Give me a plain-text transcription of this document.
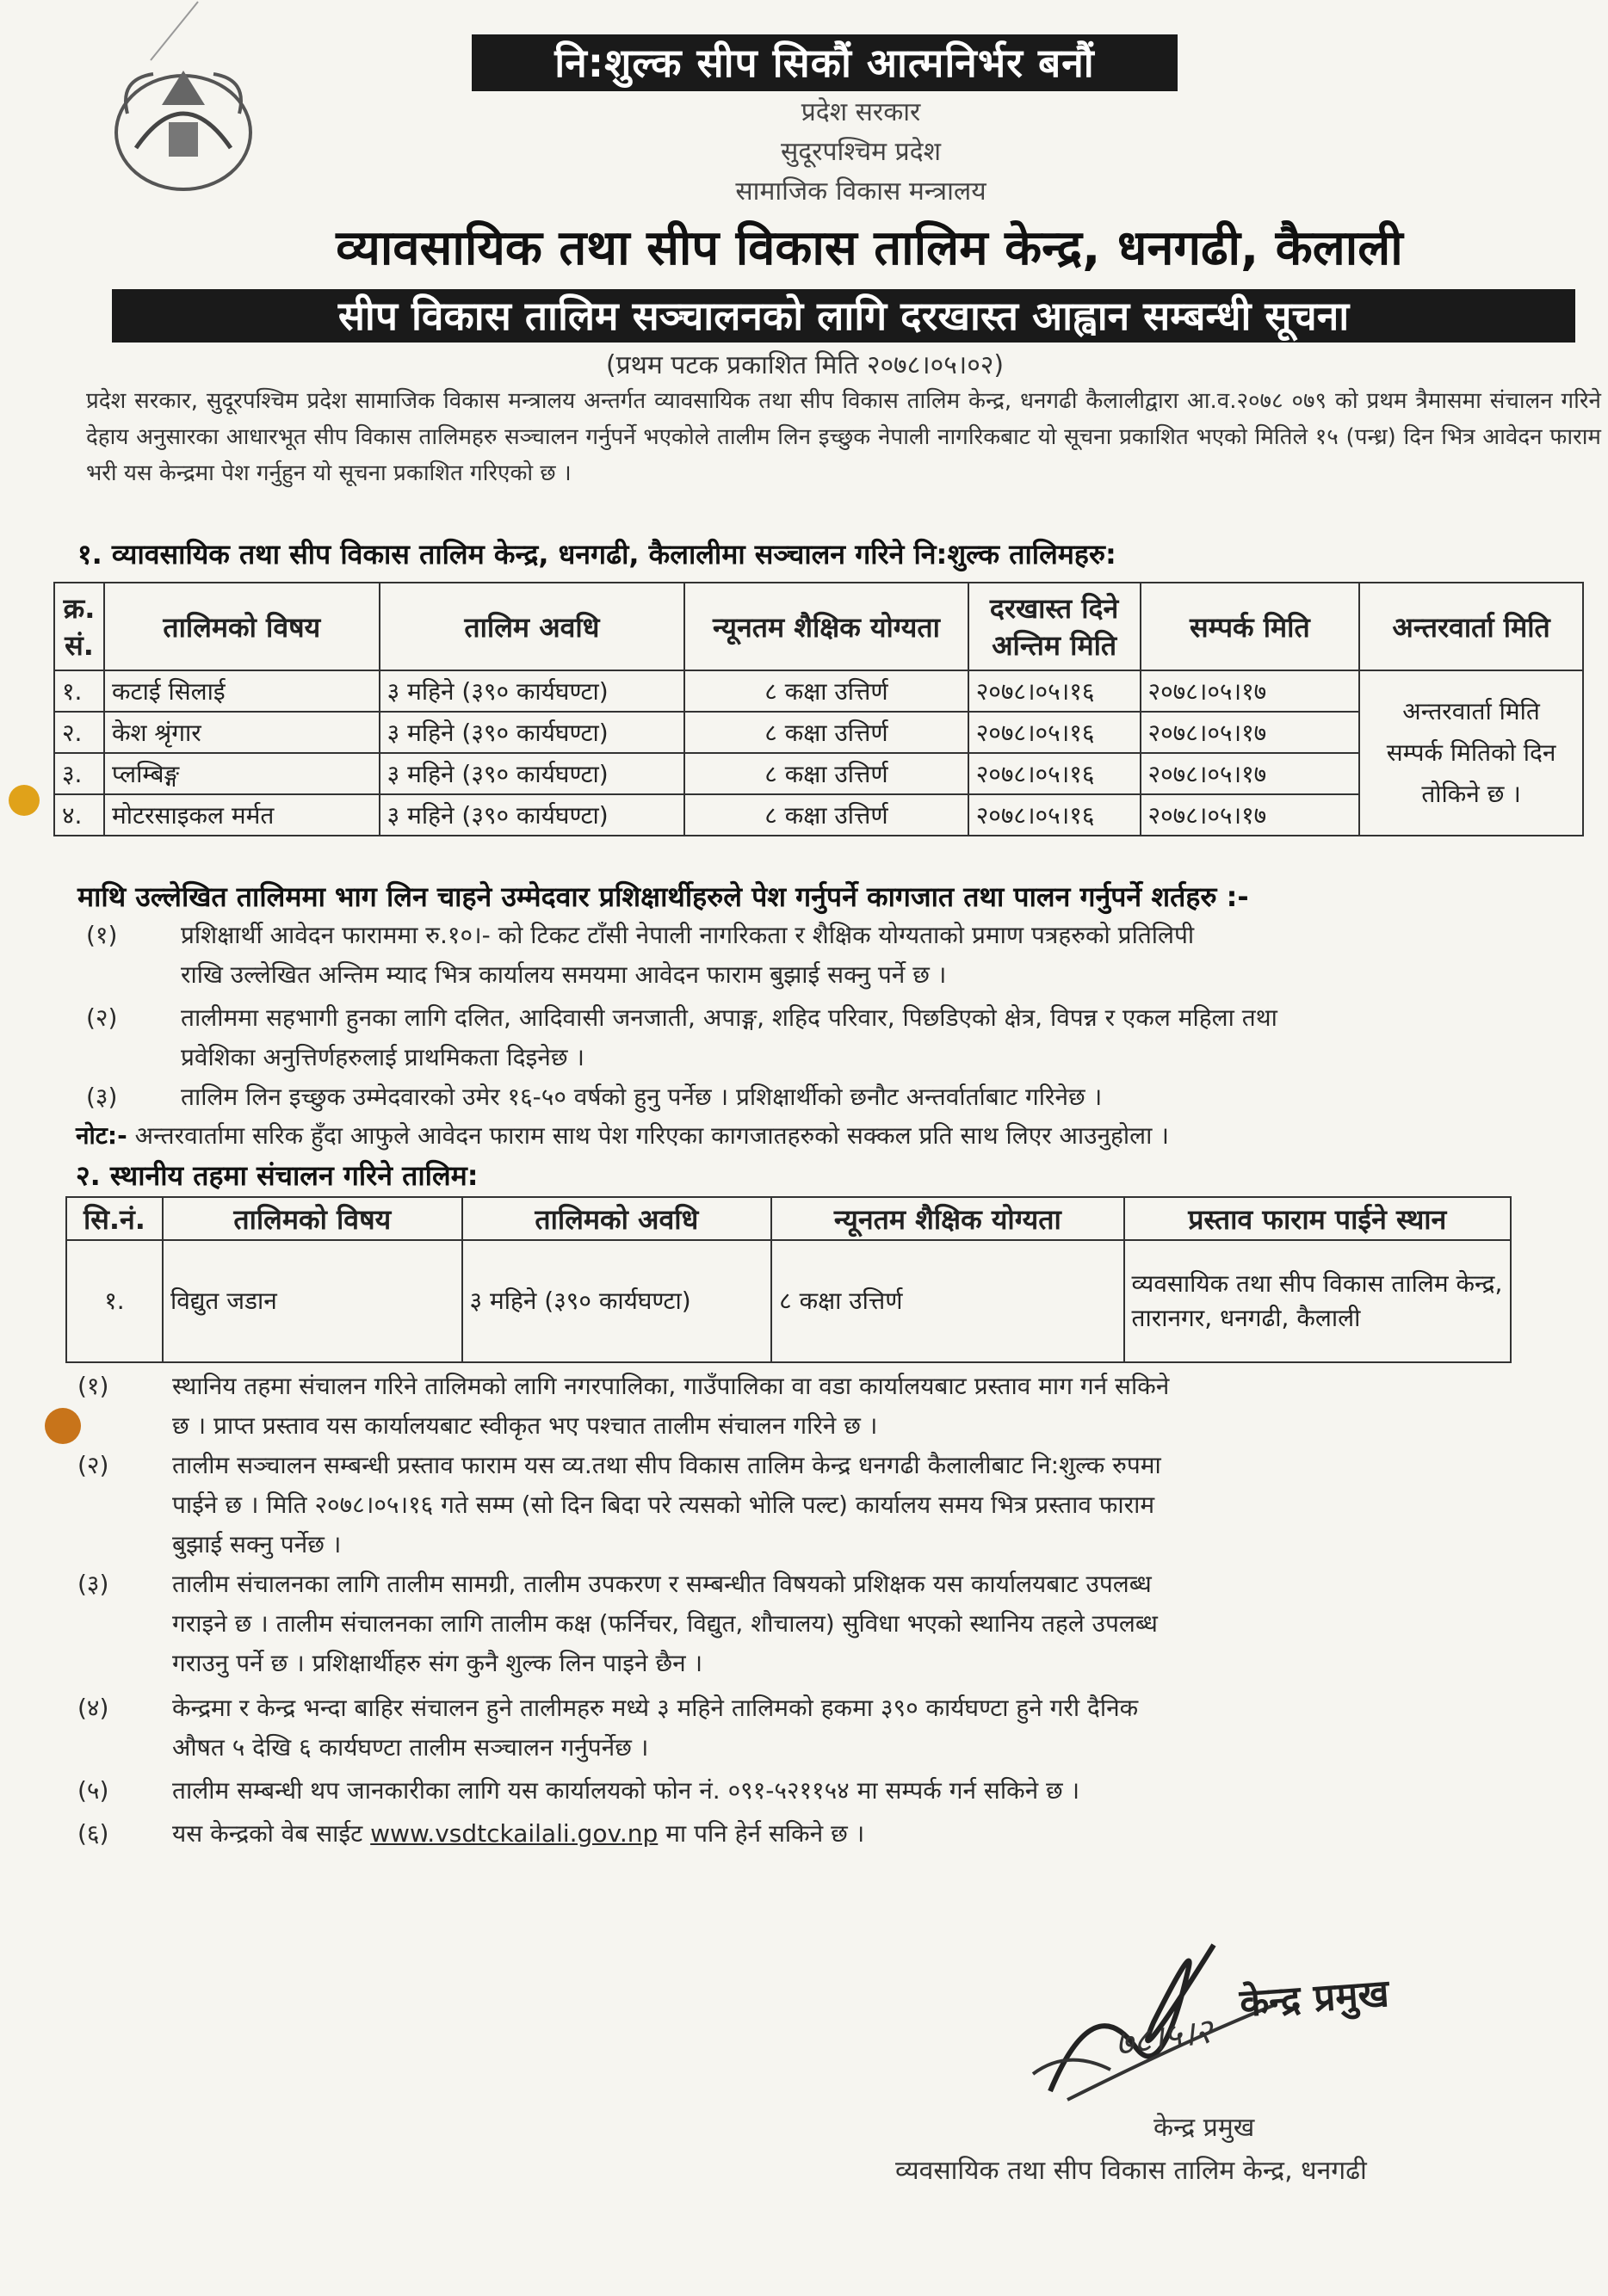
नि:शुल्क सीप सिकौं आत्मनिर्भर बनौं
प्रदेश सरकार
सुदूरपश्चिम प्रदेश
सामाजिक विकास मन्त्रालय
व्यावसायिक तथा सीप विकास तालिम केन्द्र, धनगढी, कैलाली
सीप विकास तालिम सञ्चालनको लागि दरखास्त आह्वान सम्बन्धी सूचना
(प्रथम पटक प्रकाशित मिति २०७८।०५।०२)
प्रदेश सरकार, सुदूरपश्चिम प्रदेश सामाजिक विकास मन्त्रालय अन्तर्गत व्यावसायिक तथा सीप विकास तालिम केन्द्र, धनगढी कैलालीद्वारा आ.व.२०७८ ०७९ को प्रथम त्रैमासमा संचालन गरिने देहाय अनुसारका आधारभूत सीप विकास तालिमहरु सञ्चालन गर्नुपर्ने भएकोले तालीम लिन इच्छुक नेपाली नागरिकबाट यो सूचना प्रकाशित भएको मितिले १५ (पन्ध्र) दिन भित्र आवेदन फाराम भरी यस केन्द्रमा पेश गर्नुहुन यो सूचना प्रकाशित गरिएको छ ।
१. व्यावसायिक तथा सीप विकास तालिम केन्द्र, धनगढी, कैलालीमा सञ्चालन गरिने नि:शुल्क तालिमहरु:
क्र. सं.	तालिमको विषय	तालिम अवधि	न्यूनतम शैक्षिक योग्यता	दरखास्त दिने अन्तिम मिति	सम्पर्क मिति	अन्तरवार्ता मिति
१.	कटाई सिलाई	३ महिने (३९० कार्यघण्टा)	८ कक्षा उत्तिर्ण	२०७८।०५।१६	२०७८।०५।१७	अन्तरवार्ता मिति सम्पर्क मितिको दिन तोकिने छ ।
२.	केश श्रृंगार	३ महिने (३९० कार्यघण्टा)	८ कक्षा उत्तिर्ण	२०७८।०५।१६	२०७८।०५।१७	
३.	प्लम्बिङ्ग	३ महिने (३९० कार्यघण्टा)	८ कक्षा उत्तिर्ण	२०७८।०५।१६	२०७८।०५।१७	
४.	मोटरसाइकल मर्मत	३ महिने (३९० कार्यघण्टा)	८ कक्षा उत्तिर्ण	२०७८।०५।१६	२०७८।०५।१७	
माथि उल्लेखित तालिममा भाग लिन चाहने उम्मेदवार प्रशिक्षार्थीहरुले पेश गर्नुपर्ने कागजात तथा पालन गर्नुपर्ने शर्तहरु :-
(१)	प्रशिक्षार्थी आवेदन फाराममा रु.१०।- को टिकट टाँसी नेपाली नागरिकता र शैक्षिक योग्यताको प्रमाण पत्रहरुको प्रतिलिपी
राखि उल्लेखित अन्तिम म्याद भित्र कार्यालय समयमा आवेदन फाराम बुझाई सक्नु पर्ने छ ।
(२)	तालीममा सहभागी हुनका लागि दलित, आदिवासी जनजाती, अपाङ्ग, शहिद परिवार, पिछडिएको क्षेत्र, विपन्न र एकल महिला तथा
प्रवेशिका अनुत्तिर्णहरुलाई प्राथमिकता दिइनेछ ।
(३)	तालिम लिन इच्छुक उम्मेदवारको उमेर १६-५० वर्षको हुनु पर्नेछ । प्रशिक्षार्थीको छनौट अन्तर्वार्ताबाट गरिनेछ ।
नोट:- अन्तरवार्तामा सरिक हुँदा आफुले आवेदन फाराम साथ पेश गरिएका कागजातहरुको सक्कल प्रति साथ लिएर आउनुहोला ।
२. स्थानीय तहमा संचालन गरिने तालिम:
सि.नं.	तालिमको विषय	तालिमको अवधि	न्यूनतम शैक्षिक योग्यता	प्रस्ताव फाराम पाईने स्थान
१.	विद्युत जडान	३ महिने (३९० कार्यघण्टा)	८ कक्षा उत्तिर्ण	व्यवसायिक तथा सीप विकास तालिम केन्द्र, तारानगर, धनगढी, कैलाली
(१)	स्थानिय तहमा संचालन गरिने तालिमको लागि नगरपालिका, गाउँपालिका वा वडा कार्यालयबाट प्रस्ताव माग गर्न सकिने
छ । प्राप्त प्रस्ताव यस कार्यालयबाट स्वीकृत भए पश्चात तालीम संचालन गरिने छ ।
(२)	तालीम सञ्चालन सम्बन्धी प्रस्ताव फाराम यस व्य.तथा सीप विकास तालिम केन्द्र धनगढी कैलालीबाट नि:शुल्क रुपमा
पाईने छ । मिति २०७८।०५।१६ गते सम्म (सो दिन बिदा परे त्यसको भोलि पल्ट) कार्यालय समय भित्र प्रस्ताव फाराम
बुझाई सक्नु पर्नेछ ।
(३)	तालीम संचालनका लागि तालीम सामग्री, तालीम उपकरण र सम्बन्धीत विषयको प्रशिक्षक यस कार्यालयबाट उपलब्ध
गराइने छ । तालीम संचालनका लागि तालीम कक्ष (फर्निचर, विद्युत, शौचालय) सुविधा भएको स्थानिय तहले उपलब्ध
गराउनु पर्ने छ । प्रशिक्षार्थीहरु संग कुनै शुल्क लिन पाइने छैन ।
(४)	केन्द्रमा र केन्द्र भन्दा बाहिर संचालन हुने तालीमहरु मध्ये ३ महिने तालिमको हकमा ३९० कार्यघण्टा हुने गरी दैनिक
औषत ५ देखि ६ कार्यघण्टा तालीम सञ्चालन गर्नुपर्नेछ ।
(५)	तालीम सम्बन्धी थप जानकारीका लागि यस कार्यालयको फोन नं. ०९१-५२११५४ मा सम्पर्क गर्न सकिने छ ।
(६)	यस केन्द्रको वेब साईट www.vsdtckailali.gov.np मा पनि हेर्न सकिने छ ।
७८।५।२
केन्द्र प्रमुख
केन्द्र प्रमुख
व्यवसायिक तथा सीप विकास तालिम केन्द्र, धनगढी
